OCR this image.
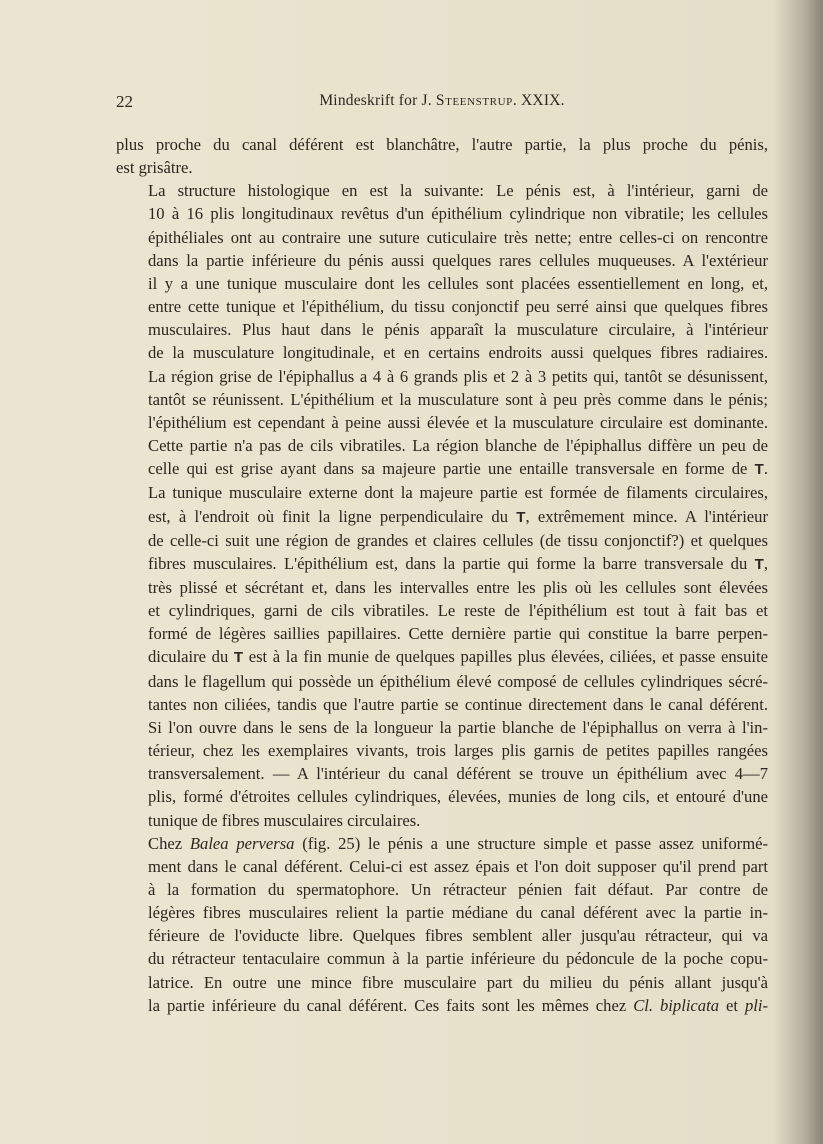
22	Mindeskrift for J. Steenstrup. XXIX.

plus proche du canal déférent est blanchâtre, l'autre partie, la plus proche du pénis,
est grisâtre.

La structure histologique en est la suivante: Le pénis est, à l'intérieur, garni de
10 à 16 plis longitudinaux revêtus d'un épithélium cylindrique non vibratile; les cellules
épithéliales ont au contraire une suture cuticulaire très nette; entre celles-ci on rencontre
dans la partie inférieure du pénis aussi quelques rares cellules muqueuses. A l'extérieur
il y a une tunique musculaire dont les cellules sont placées essentiellement en long, et,
entre cette tunique et l'épithélium, du tissu conjonctif peu serré ainsi que quelques fibres
musculaires. Plus haut dans le pénis apparaît la musculature circulaire, à l'intérieur
de la musculature longitudinale, et en certains endroits aussi quelques fibres radiaires.
La région grise de l'épiphallus a 4 à 6 grands plis et 2 à 3 petits qui, tantôt se désunissent,
tantôt se réunissent. L'épithélium et la musculature sont à peu près comme dans le pénis;
l'épithélium est cependant à peine aussi élevée et la musculature circulaire est dominante.
Cette partie n'a pas de cils vibratiles. La région blanche de l'épiphallus diffère un peu de
celle qui est grise ayant dans sa majeure partie une entaille transversale en forme de T.
La tunique musculaire externe dont la majeure partie est formée de filaments circulaires,
est, à l'endroit où finit la ligne perpendiculaire du T, extrêmement mince. A l'intérieur
de celle-ci suit une région de grandes et claires cellules (de tissu conjonctif?) et quelques
fibres musculaires. L'épithélium est, dans la partie qui forme la barre transversale du T,
très plissé et sécrétant et, dans les intervalles entre les plis où les cellules sont élevées
et cylindriques, garni de cils vibratiles. Le reste de l'épithélium est tout à fait bas et
formé de légères saillies papillaires. Cette dernière partie qui constitue la barre perpen-
diculaire du T est à la fin munie de quelques papilles plus élevées, ciliées, et passe ensuite
dans le flagellum qui possède un épithélium élevé composé de cellules cylindriques sécré-
tantes non ciliées, tandis que l'autre partie se continue directement dans le canal déférent.
Si l'on ouvre dans le sens de la longueur la partie blanche de l'épiphallus on verra à l'in-
térieur, chez les exemplaires vivants, trois larges plis garnis de petites papilles rangées
transversalement. — A l'intérieur du canal déférent se trouve un épithélium avec 4—7
plis, formé d'étroites cellules cylindriques, élevées, munies de long cils, et entouré d'une
tunique de fibres musculaires circulaires.

Chez Balea perversa (fig. 25) le pénis a une structure simple et passe assez uniformé-
ment dans le canal déférent. Celui-ci est assez épais et l'on doit supposer qu'il prend part
à la formation du spermatophore. Un rétracteur pénien fait défaut. Par contre de
légères fibres musculaires relient la partie médiane du canal déférent avec la partie in-
férieure de l'oviducte libre. Quelques fibres semblent aller jusqu'au rétracteur, qui va
du rétracteur tentaculaire commun à la partie inférieure du pédoncule de la poche copu-
latrice. En outre une mince fibre musculaire part du milieu du pénis allant jusqu'à
la partie inférieure du canal déférent. Ces faits sont les mêmes chez Cl. biplicata et pli-
